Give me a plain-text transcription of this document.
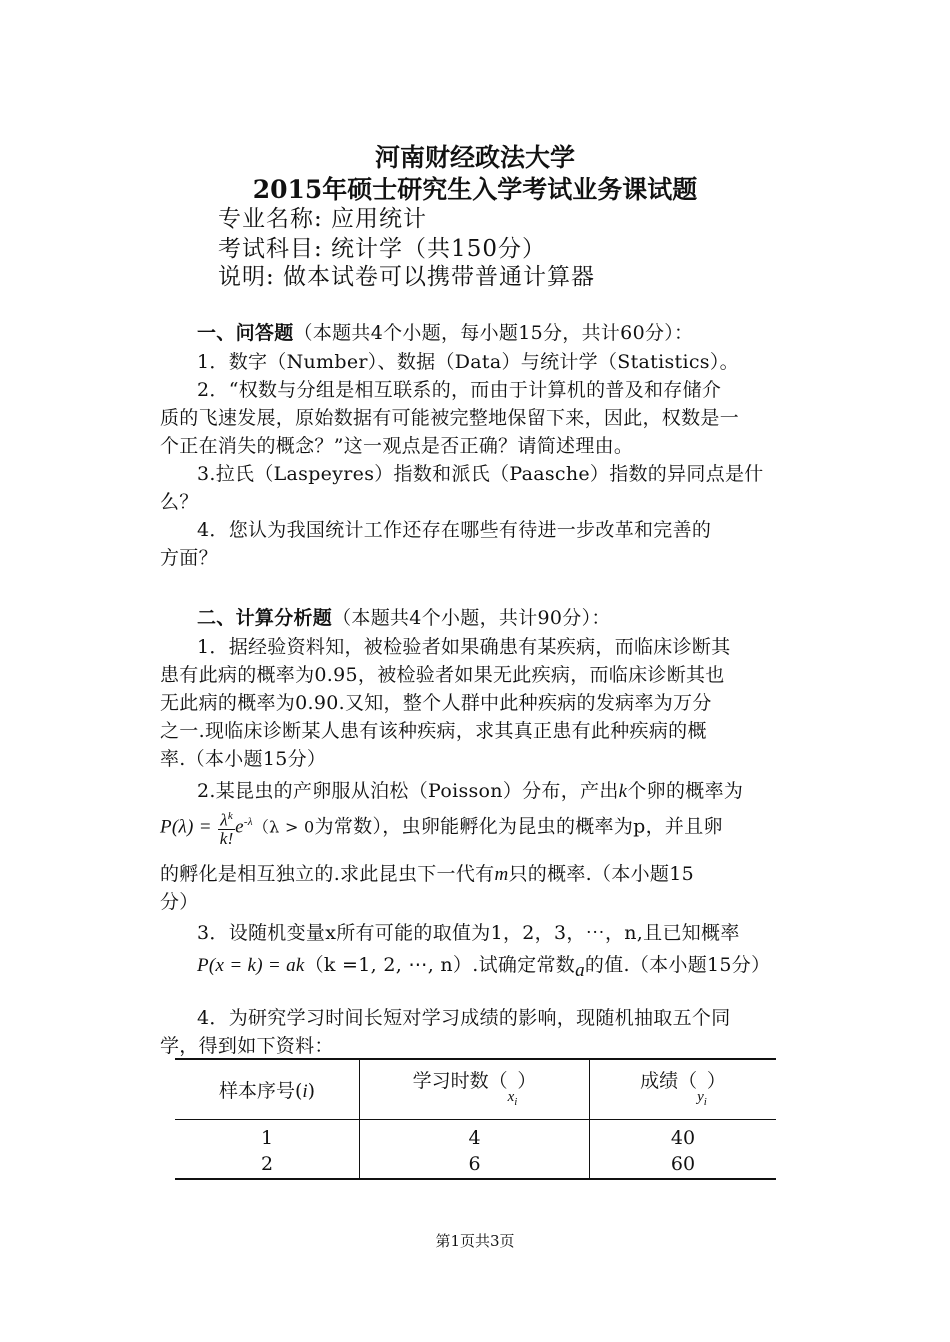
河南财经政法大学
2015年硕士研究生入学考试业务课试题
专业名称: 应用统计
考试科目: 统计学（共150分）
说明: 做本试卷可以携带普通计算器
一、问答题（本题共4个小题，每小题15分，共计60分）：
1．数字（Number）、数据（Data）与统计学（Statistics）。
2．“权数与分组是相互联系的，而由于计算机的普及和存储介
质的飞速发展，原始数据有可能被完整地保留下来，因此，权数是一
个正在消失的概念？”这一观点是否正确？请简述理由。
3.拉氏（Laspeyres）指数和派氏（Paasche）指数的异同点是什
么？
4．您认为我国统计工作还存在哪些有待进一步改革和完善的
方面？
二、计算分析题（本题共4个小题，共计90分）：
1．据经验资料知，被检验者如果确患有某疾病，而临床诊断其
患有此病的概率为0.95，被检验者如果无此疾病，而临床诊断其也
无此病的概率为0.90.又知，整个人群中此种疾病的发病率为万分
之一.现临床诊断某人患有该种疾病，求其真正患有此种疾病的概
率.（本小题15分）
2.某昆虫的产卵服从泊松（Poisson）分布，产出k个卵的概率为
$P(\lambda) = \frac{\lambda^k}{k!} e^{-\lambda}(\lambda > 0$为常数），虫卵能孵化为昆虫的概率为p，并且卵
的孵化是相互独立的.求此昆虫下一代有m只的概率.（本小题15
分）
3．设随机变量x所有可能的取值为1，2，3，⋯，n,且已知概率
P(x = k) = ak（k =1, 2, ⋯, n）.试确定常数a的值.（本小题15分）
4．为研究学习时间长短对学习成绩的影响，现随机抽取五个同
学，得到如下资料：
样本序号(i)	学习时数$(_{x_i})$	成绩$(_{y_i})$
1	4	40
2	6	60
第1页共3页
